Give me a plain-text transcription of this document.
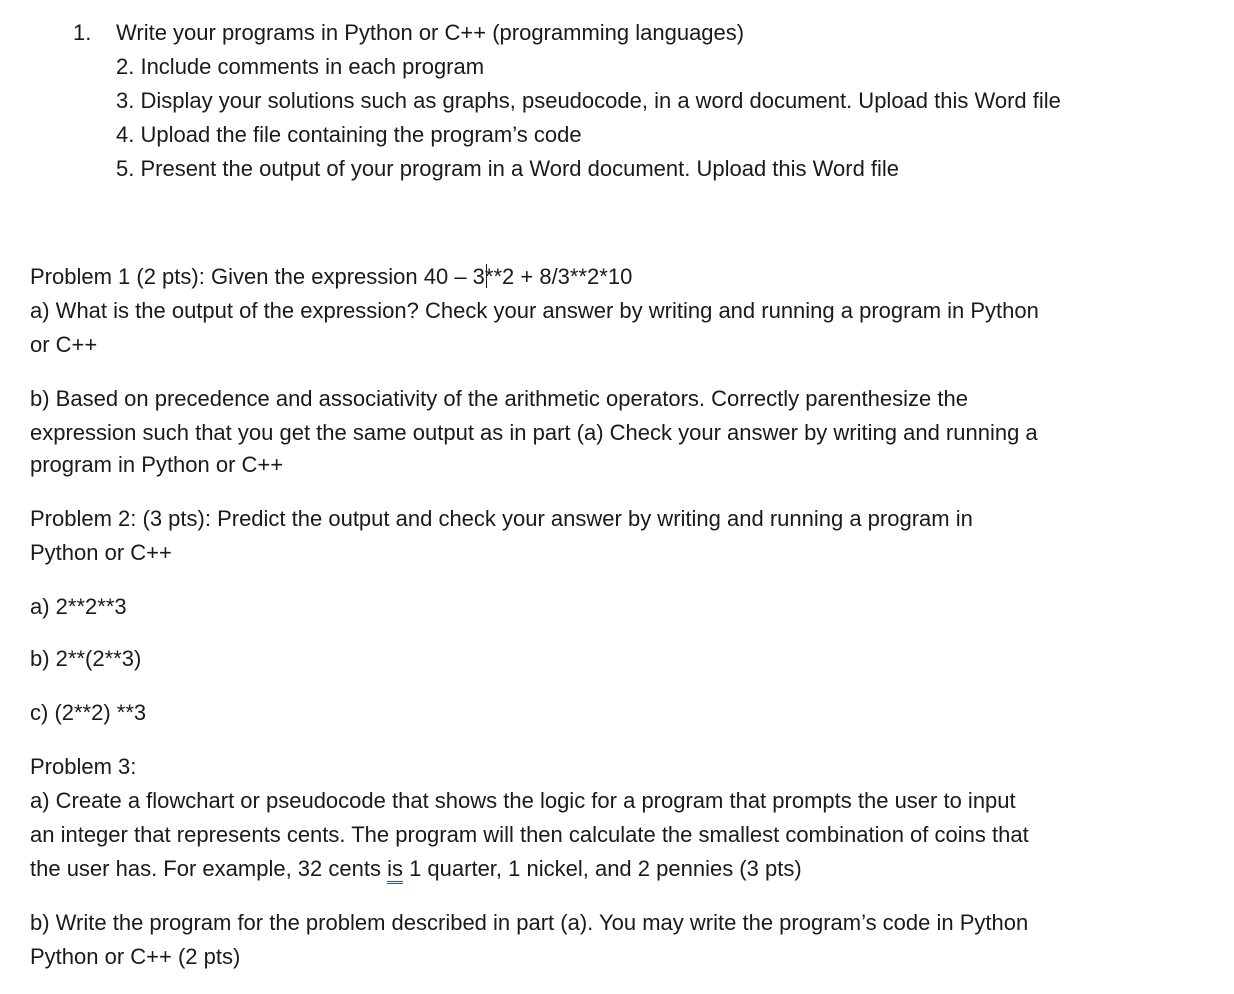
1. Write your programs in Python or C++ (programming languages)
2. Include comments in each program
3. Display your solutions such as graphs, pseudocode, in a word document. Upload this Word file
4. Upload the file containing the program’s code
5. Present the output of your program in a Word document. Upload this Word file
Problem 1 (2 pts): Given the expression 40 – 3**2 + 8/3**2*10
a) What is the output of the expression? Check your answer by writing and running a program in Python
or C++
b) Based on precedence and associativity of the arithmetic operators. Correctly parenthesize the
expression such that you get the same output as in part (a) Check your answer by writing and running a
program in Python or C++
Problem 2: (3 pts): Predict the output and check your answer by writing and running a program in
Python or C++
a) 2**2**3
b) 2**(2**3)
c) (2**2) **3
Problem 3:
a) Create a flowchart or pseudocode that shows the logic for a program that prompts the user to input
an integer that represents cents. The program will then calculate the smallest combination of coins that
the user has. For example, 32 cents is 1 quarter, 1 nickel, and 2 pennies (3 pts)
b) Write the program for the problem described in part (a). You may write the program’s code in Python
Python or C++ (2 pts)
